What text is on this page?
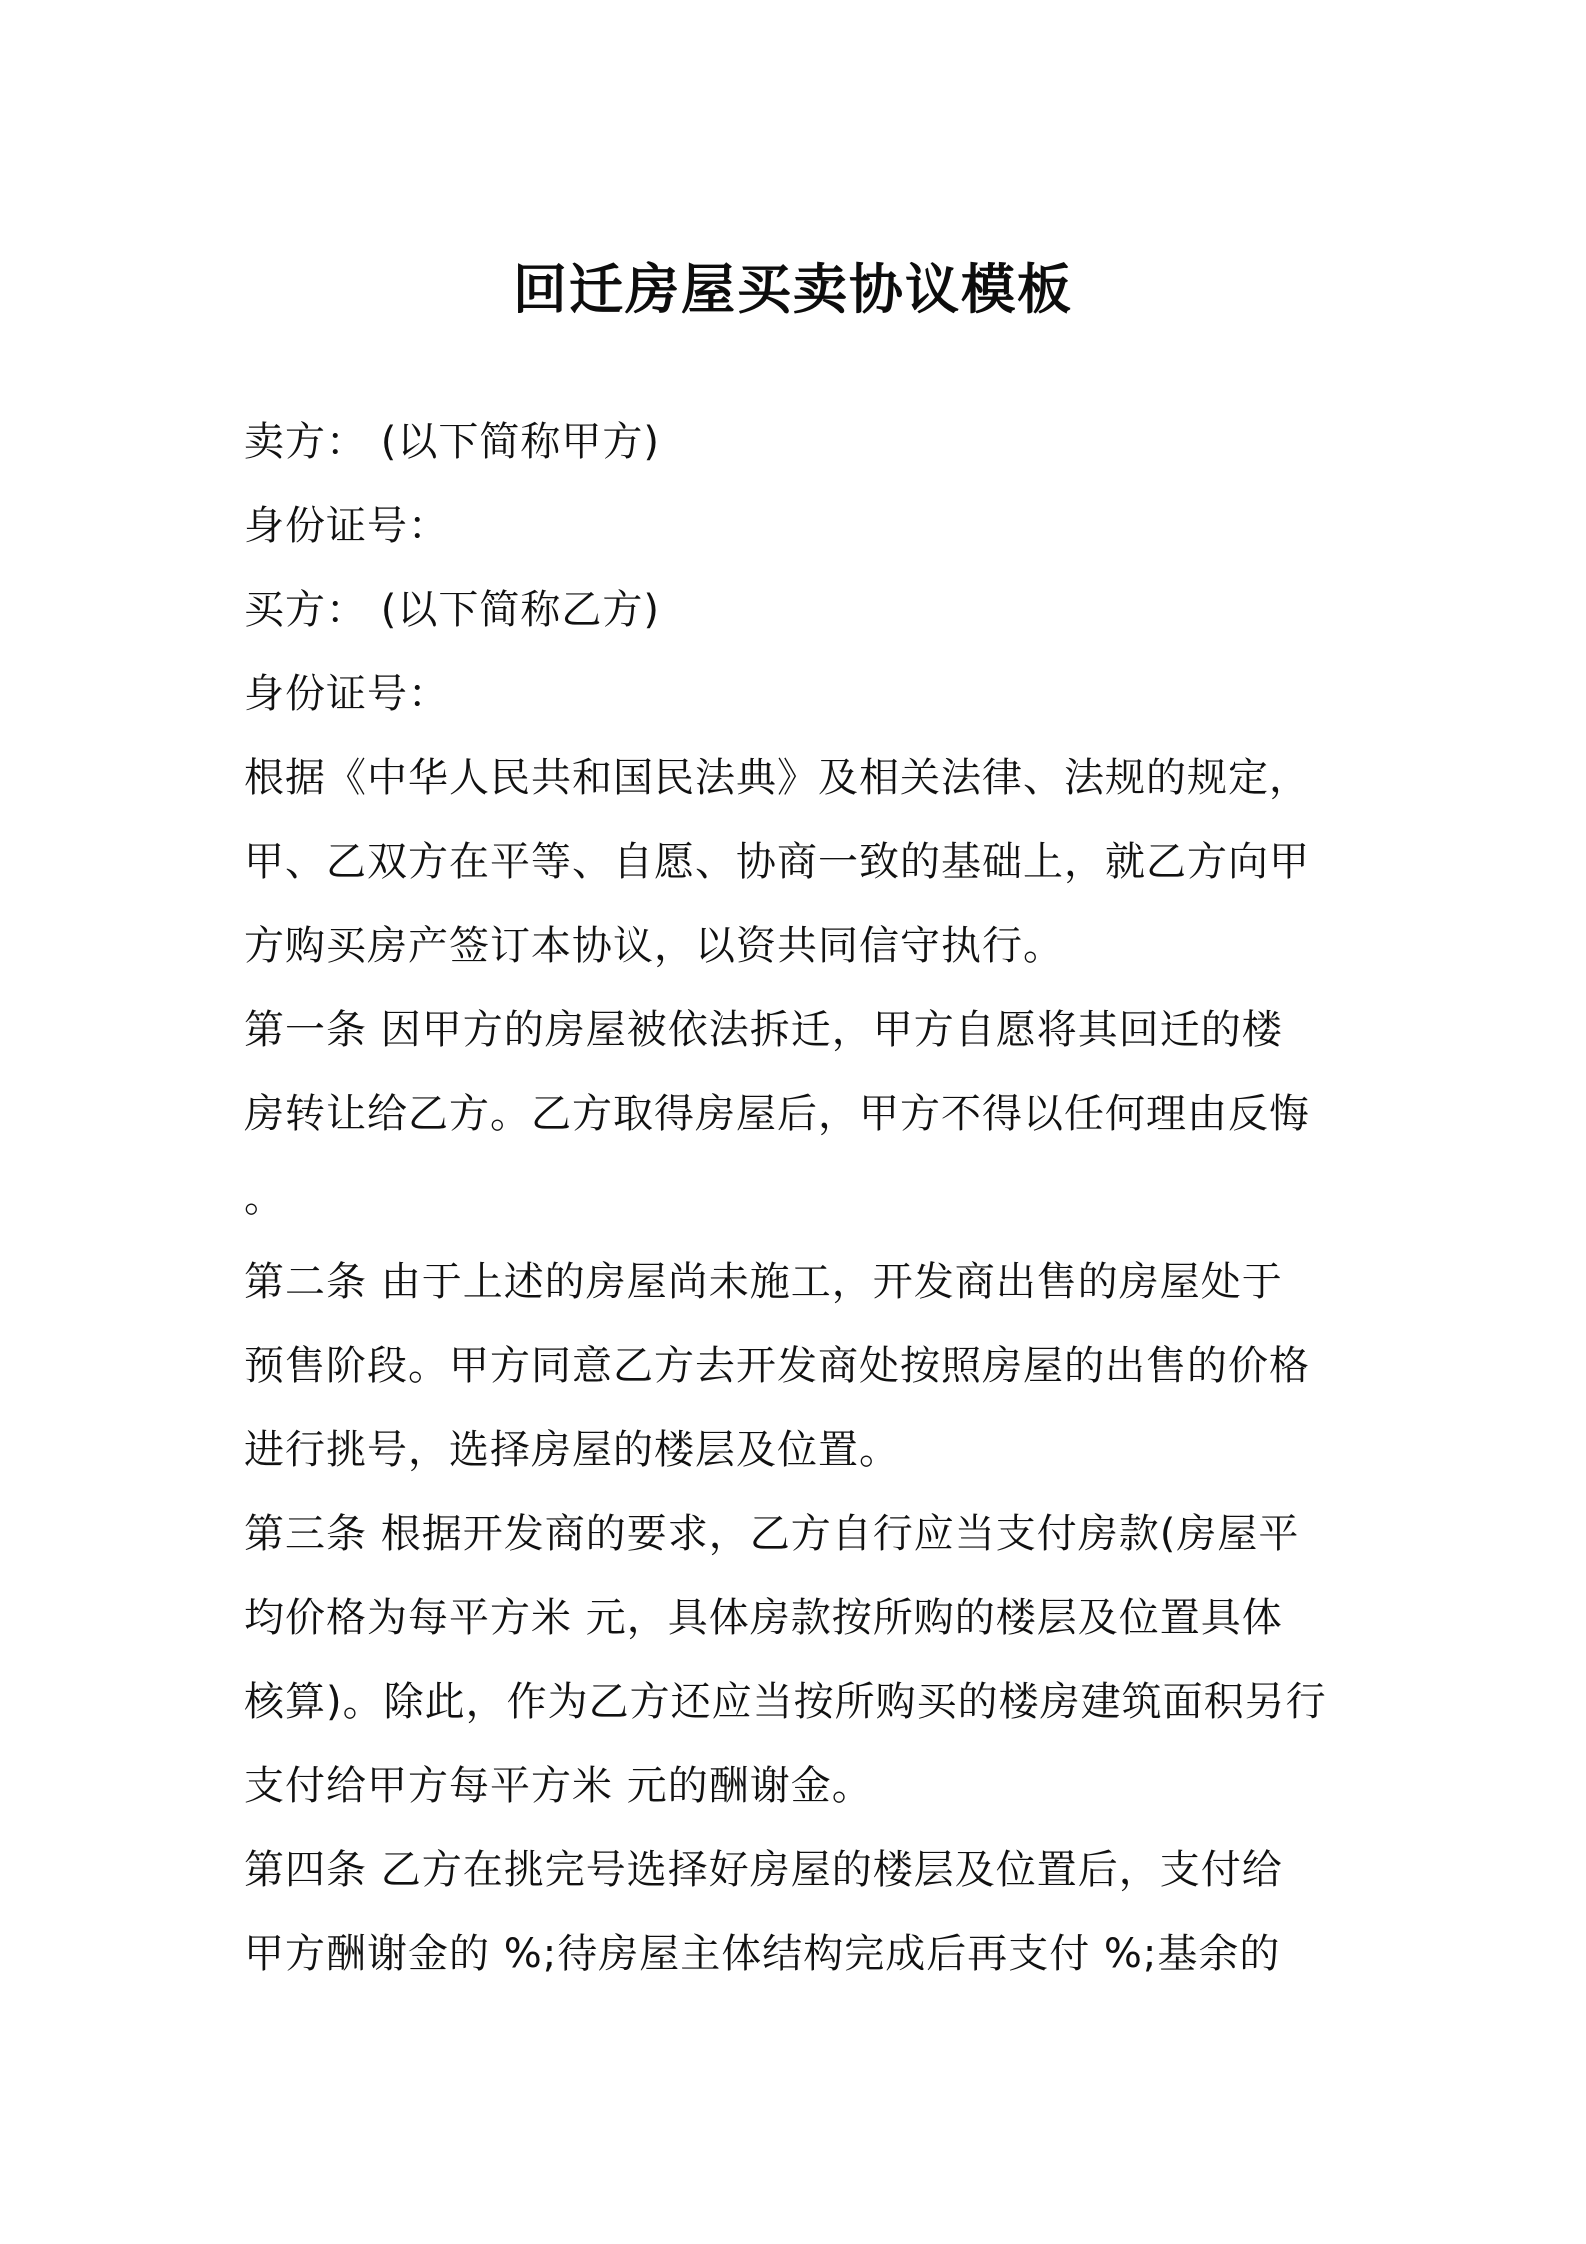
回迁房屋买卖协议模板
卖方： (以下简称甲方)
身份证号：
买方： (以下简称乙方)
身份证号：
根据《中华人民共和国民法典》及相关法律、法规的规定，
甲、乙双方在平等、自愿、协商一致的基础上，就乙方向甲
方购买房产签订本协议，以资共同信守执行。
第一条 因甲方的房屋被依法拆迁，甲方自愿将其回迁的楼
房转让给乙方。乙方取得房屋后，甲方不得以任何理由反悔
。
第二条 由于上述的房屋尚未施工，开发商出售的房屋处于
预售阶段。甲方同意乙方去开发商处按照房屋的出售的价格
进行挑号，选择房屋的楼层及位置。
第三条 根据开发商的要求，乙方自行应当支付房款(房屋平
均价格为每平方米 元，具体房款按所购的楼层及位置具体
核算)。除此，作为乙方还应当按所购买的楼房建筑面积另行
支付给甲方每平方米 元的酬谢金。
第四条 乙方在挑完号选择好房屋的楼层及位置后，支付给
甲方酬谢金的 %;待房屋主体结构完成后再支付 %;基余的
